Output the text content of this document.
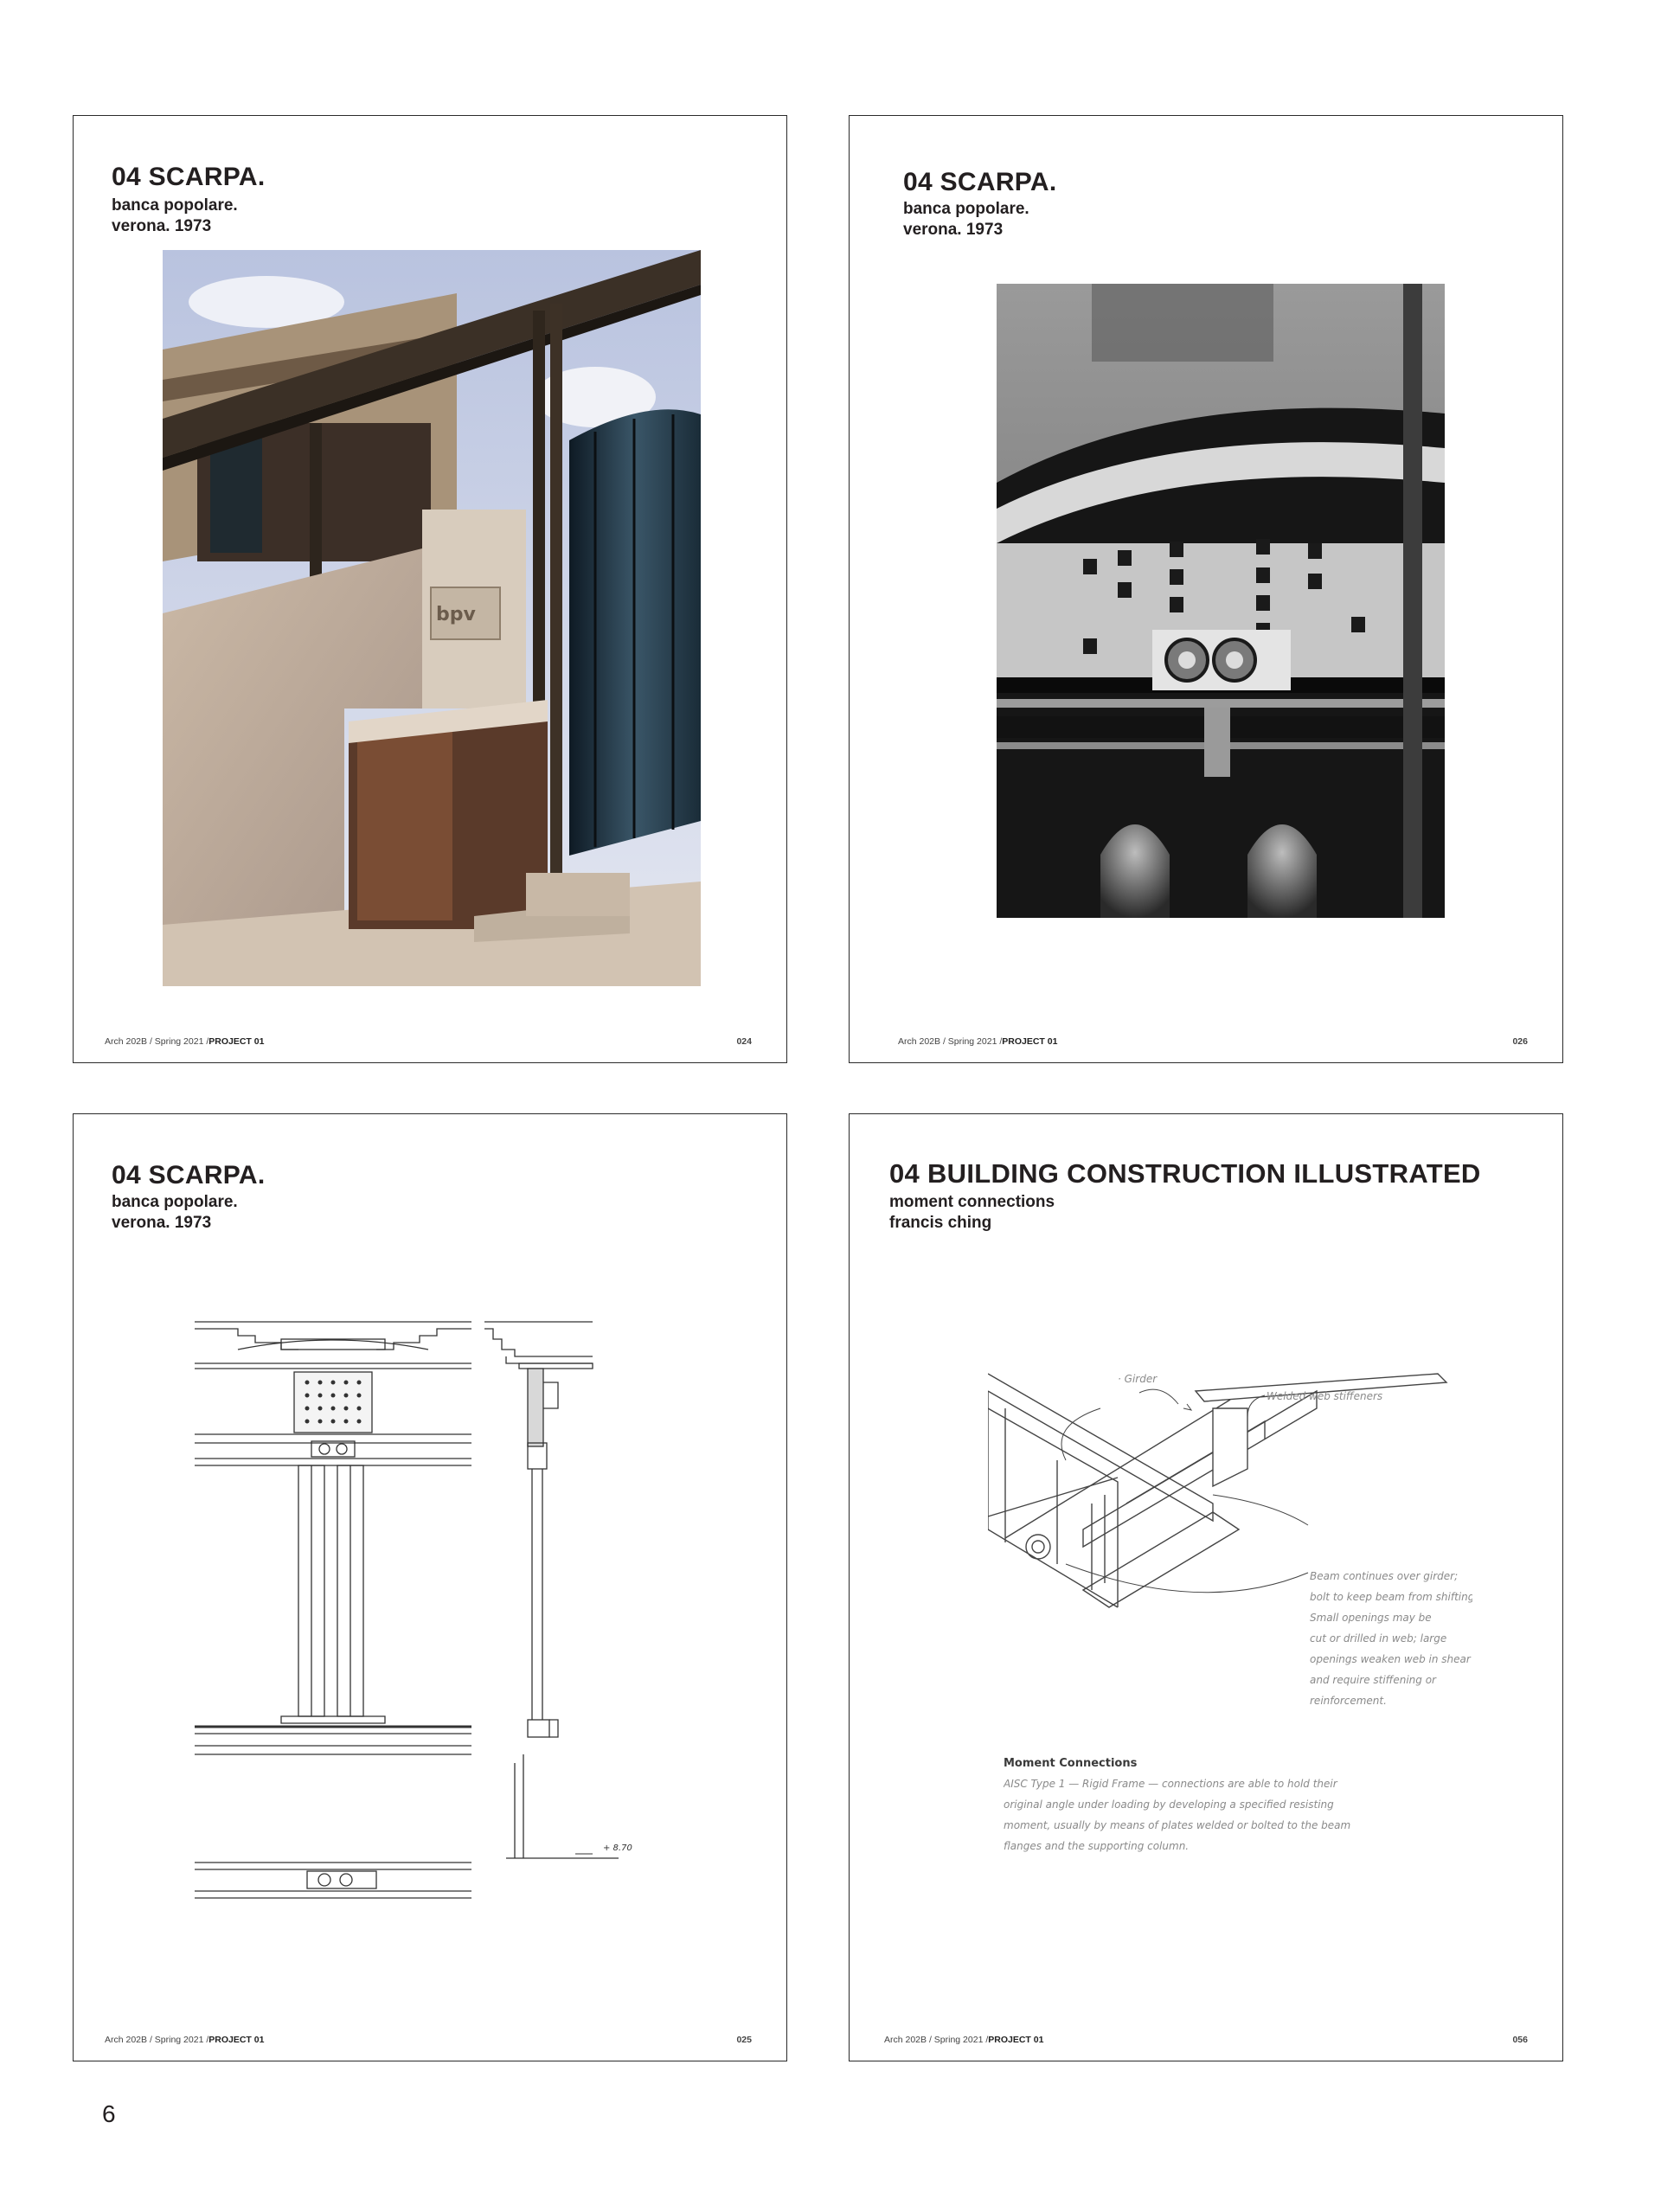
04 SCARPA.
banca popolare.
verona. 1973
bpv
Arch 202B / Spring 2021 /PROJECT 01	024
04 SCARPA.
banca popolare.
verona. 1973
Arch 202B / Spring 2021 /PROJECT 01	026
04 SCARPA.
banca popolare.
verona. 1973
+ 8.70
Arch 202B / Spring 2021 /PROJECT 01	025
04 BUILDING CONSTRUCTION ILLUSTRATED
moment connections
francis ching
· Girder
Welded web stiffeners
Beam continues over girder;
bolt to keep beam from shifting.
Small openings may be
cut or drilled in web; large
openings weaken web in shear
and require stiffening or
reinforcement.
Moment Connections
AISC Type 1 — Rigid Frame — connections are able to hold their
original angle under loading by developing a specified resisting
moment, usually by means of plates welded or bolted to the beam
flanges and the supporting column.
Arch 202B / Spring 2021 /PROJECT 01	056
6
